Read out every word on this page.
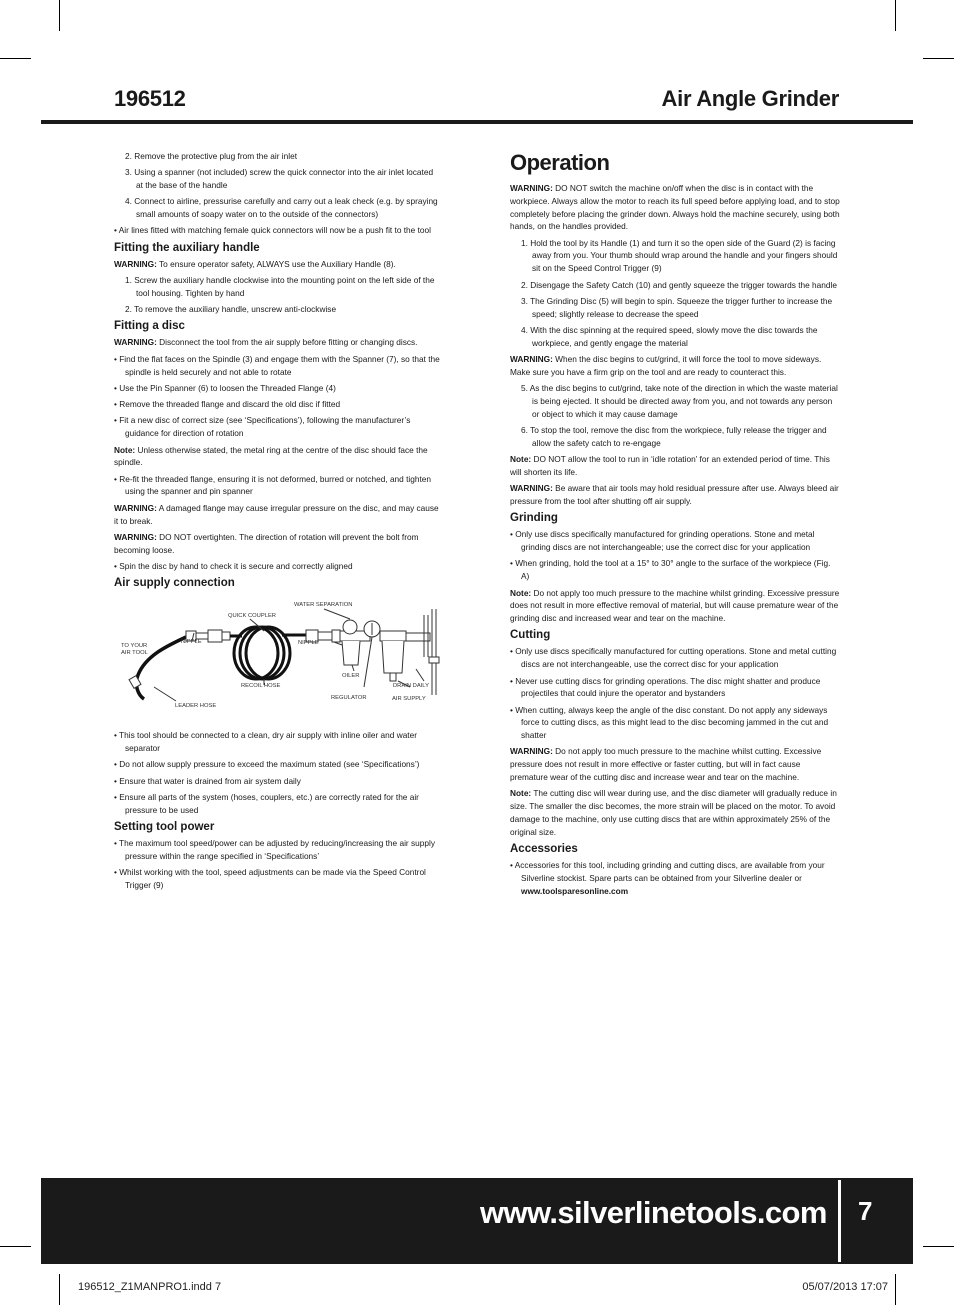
196512	Air Angle Grinder

2. Remove the protective plug from the air inlet

3. Using a spanner (not included) screw the quick connector into the air inlet located at the base of the handle

4. Connect to airline, pressurise carefully and carry out a leak check (e.g. by spraying small amounts of soapy water on to the outside of the connectors)

• Air lines fitted with matching female quick connectors will now be a push fit to the tool

Fitting the auxiliary handle

WARNING: To ensure operator safety, ALWAYS use the Auxiliary Handle (8).

1. Screw the auxiliary handle clockwise into the mounting point on the left side of the tool housing. Tighten by hand

2. To remove the auxiliary handle, unscrew anti-clockwise

Fitting a disc

WARNING: Disconnect the tool from the air supply before fitting or changing discs.

• Find the flat faces on the Spindle (3) and engage them with the Spanner (7), so that the spindle is held securely and not able to rotate

• Use the Pin Spanner (6) to loosen the Threaded Flange (4)

• Remove the threaded flange and discard the old disc if fitted

• Fit a new disc of correct size (see ‘Specifications’), following the manufacturer’s guidance for direction of rotation

Note: Unless otherwise stated, the metal ring at the centre of the disc should face the spindle.

• Re-fit the threaded flange, ensuring it is not deformed, burred or notched, and tighten using the spanner and pin spanner

WARNING: A damaged flange may cause irregular pressure on the disc, and may cause it to break.

WARNING: DO NOT overtighten. The direction of rotation will prevent the bolt from becoming loose.

• Spin the disc by hand to check it is secure and correctly aligned

Air supply connection
QUICK COUPLER
WATER SEPARATION
TO YOUR
AIR TOOL
NIPPLE	NIPPLE
RECOIL HOSE
OILER
DRAIN DAILY
LEADER HOSE
REGULATOR	AIR SUPPLY

• This tool should be connected to a clean, dry air supply with inline oiler and water separator

• Do not allow supply pressure to exceed the maximum stated (see ‘Specifications’)

• Ensure that water is drained from air system daily

• Ensure all parts of the system (hoses, couplers, etc.) are correctly rated for the air pressure to be used

Setting tool power

• The maximum tool speed/power can be adjusted by reducing/increasing the air supply pressure within the range specified in ‘Specifications’

• Whilst working with the tool, speed adjustments can be made via the Speed Control Trigger (9)

Operation

WARNING: DO NOT switch the machine on/off when the disc is in contact with the workpiece. Always allow the motor to reach its full speed before applying load, and to stop completely before placing the grinder down. Always hold the machine securely, using both hands, on the handles provided.

1. Hold the tool by its Handle (1) and turn it so the open side of the Guard (2) is facing away from you. Your thumb should wrap around the handle and your fingers should sit on the Speed Control Trigger (9)

2. Disengage the Safety Catch (10) and gently squeeze the trigger towards the handle

3. The Grinding Disc (5) will begin to spin. Squeeze the trigger further to increase the speed; slightly release to decrease the speed

4. With the disc spinning at the required speed, slowly move the disc towards the workpiece, and gently engage the material

WARNING: When the disc begins to cut/grind, it will force the tool to move sideways. Make sure you have a firm grip on the tool and are ready to counteract this.

5. As the disc begins to cut/grind, take note of the direction in which the waste material is being ejected. It should be directed away from you, and not towards any person or object to which it may cause damage

6. To stop the tool, remove the disc from the workpiece, fully release the trigger and allow the safety catch to re-engage

Note: DO NOT allow the tool to run in ‘idle rotation’ for an extended period of time. This will shorten its life.

WARNING: Be aware that air tools may hold residual pressure after use. Always bleed air pressure from the tool after shutting off air supply.

Grinding

• Only use discs specifically manufactured for grinding operations. Stone and metal grinding discs are not interchangeable; use the correct disc for your application

• When grinding, hold the tool at a 15° to 30° angle to the surface of the workpiece (Fig. A)

Note: Do not apply too much pressure to the machine whilst grinding. Excessive pressure does not result in more effective removal of material, but will cause premature wear of the grinding disc and increased wear and tear on the machine.

Cutting

• Only use discs specifically manufactured for cutting operations. Stone and metal cutting discs are not interchangeable, use the correct disc for your application

• Never use cutting discs for grinding operations. The disc might shatter and produce projectiles that could injure the operator and bystanders

• When cutting, always keep the angle of the disc constant. Do not apply any sideways force to cutting discs, as this might lead to the disc becoming jammed in the cut and shatter

WARNING: Do not apply too much pressure to the machine whilst cutting. Excessive pressure does not result in more effective or faster cutting, but will in fact cause premature wear of the cutting disc and increase wear and tear on the machine.

Note: The cutting disc will wear during use, and the disc diameter will gradually reduce in size. The smaller the disc becomes, the more strain will be placed on the motor. To avoid damage to the machine, only use cutting discs that are within approximately 25% of the original size.

Accessories

• Accessories for this tool, including grinding and cutting discs, are available from your Silverline stockist. Spare parts can be obtained from your Silverline dealer or www.toolsparesonline.com

www.silverlinetools.com 7
196512_Z1MANPRO1.indd 7	05/07/2013 17:07
